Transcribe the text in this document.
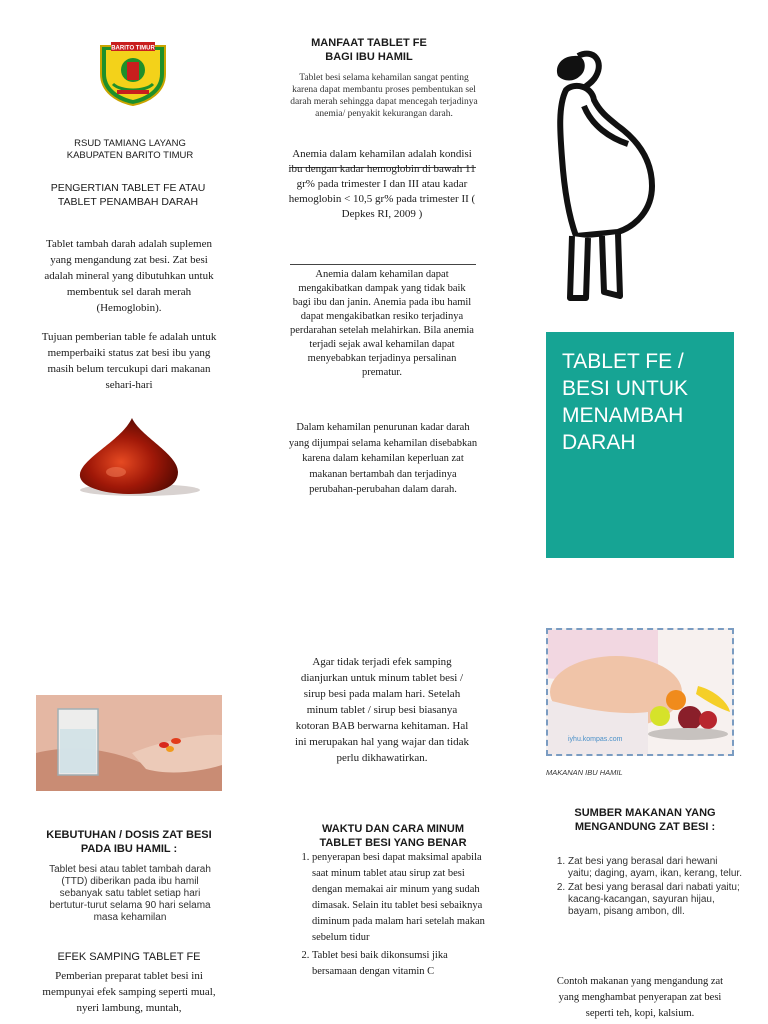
BARITO TIMUR
RSUD TAMIANG LAYANG
KABUPATEN BARITO TIMUR
PENGERTIAN TABLET FE ATAU TABLET PENAMBAH DARAH

Tablet tambah darah adalah suplemen yang mengandung zat besi. Zat besi adalah mineral yang dibutuhkan untuk membentuk sel darah merah (Hemoglobin).

Tujuan pemberian table fe adalah untuk memperbaiki status zat besi ibu yang masih belum tercukupi dari makanan sehari-hari

KEBUTUHAN / DOSIS ZAT BESI PADA IBU HAMIL :

Tablet besi atau tablet tambah darah (TTD) diberikan pada ibu hamil sebanyak satu tablet setiap hari bertutur-turut selama 90 hari selama masa kehamilan

EFEK SAMPING TABLET FE

Pemberian preparat tablet besi ini mempunyai efek samping seperti mual, nyeri lambung, muntah,

MANFAAT TABLET FE BAGI IBU HAMIL

Tablet besi selama kehamilan sangat penting karena dapat membantu proses pembentukan sel darah merah sehingga dapat mencegah terjadinya anemia/ penyakit kekurangan darah.

Anemia dalam kehamilan adalah kondisi ibu dengan kadar hemoglobin di bawah 11 gr% pada trimester I dan III atau kadar hemoglobin < 10,5 gr% pada trimester II ( Depkes RI, 2009 )

Anemia dalam kehamilan dapat mengakibatkan dampak yang tidak baik bagi ibu dan janin. Anemia pada ibu hamil dapat mengakibatkan resiko terjadinya perdarahan setelah melahirkan. Bila anemia terjadi sejak awal kehamilan dapat menyebabkan terjadinya persalinan prematur.

Dalam kehamilan penurunan kadar darah yang dijumpai selama kehamilan disebabkan karena dalam kehamilan keperluan zat makanan bertambah dan terjadinya perubahan-perubahan dalam darah.

Agar tidak terjadi efek samping dianjurkan untuk minum tablet besi / sirup besi pada malam hari. Setelah minum tablet / sirup besi biasanya kotoran BAB berwarna kehitaman. Hal ini merupakan hal yang wajar dan tidak perlu dikhawatirkan.

WAKTU DAN CARA MINUM TABLET BESI YANG BENAR
1. penyerapan besi dapat maksimal apabila saat minum tablet atau sirup zat besi dengan memakai air minum yang sudah dimasak. Selain itu tablet besi sebaiknya diminum pada malam hari setelah makan sebelum tidur
2. Tablet besi baik dikonsumsi jika bersamaan dengan vitamin C
TABLET FE / BESI UNTUK MENAMBAH DARAH
iyhu.kompas.com
MAKANAN IBU HAMIL
SUMBER MAKANAN YANG MENGANDUNG ZAT BESI :
1. Zat besi yang berasal dari hewani yaitu; daging, ayam, ikan, kerang, telur.
2. Zat besi yang berasal dari nabati yaitu; kacang-kacangan, sayuran hijau, bayam, pisang ambon, dll.

Contoh makanan yang mengandung zat yang menghambat penyerapan zat besi seperti teh, kopi, kalsium.
